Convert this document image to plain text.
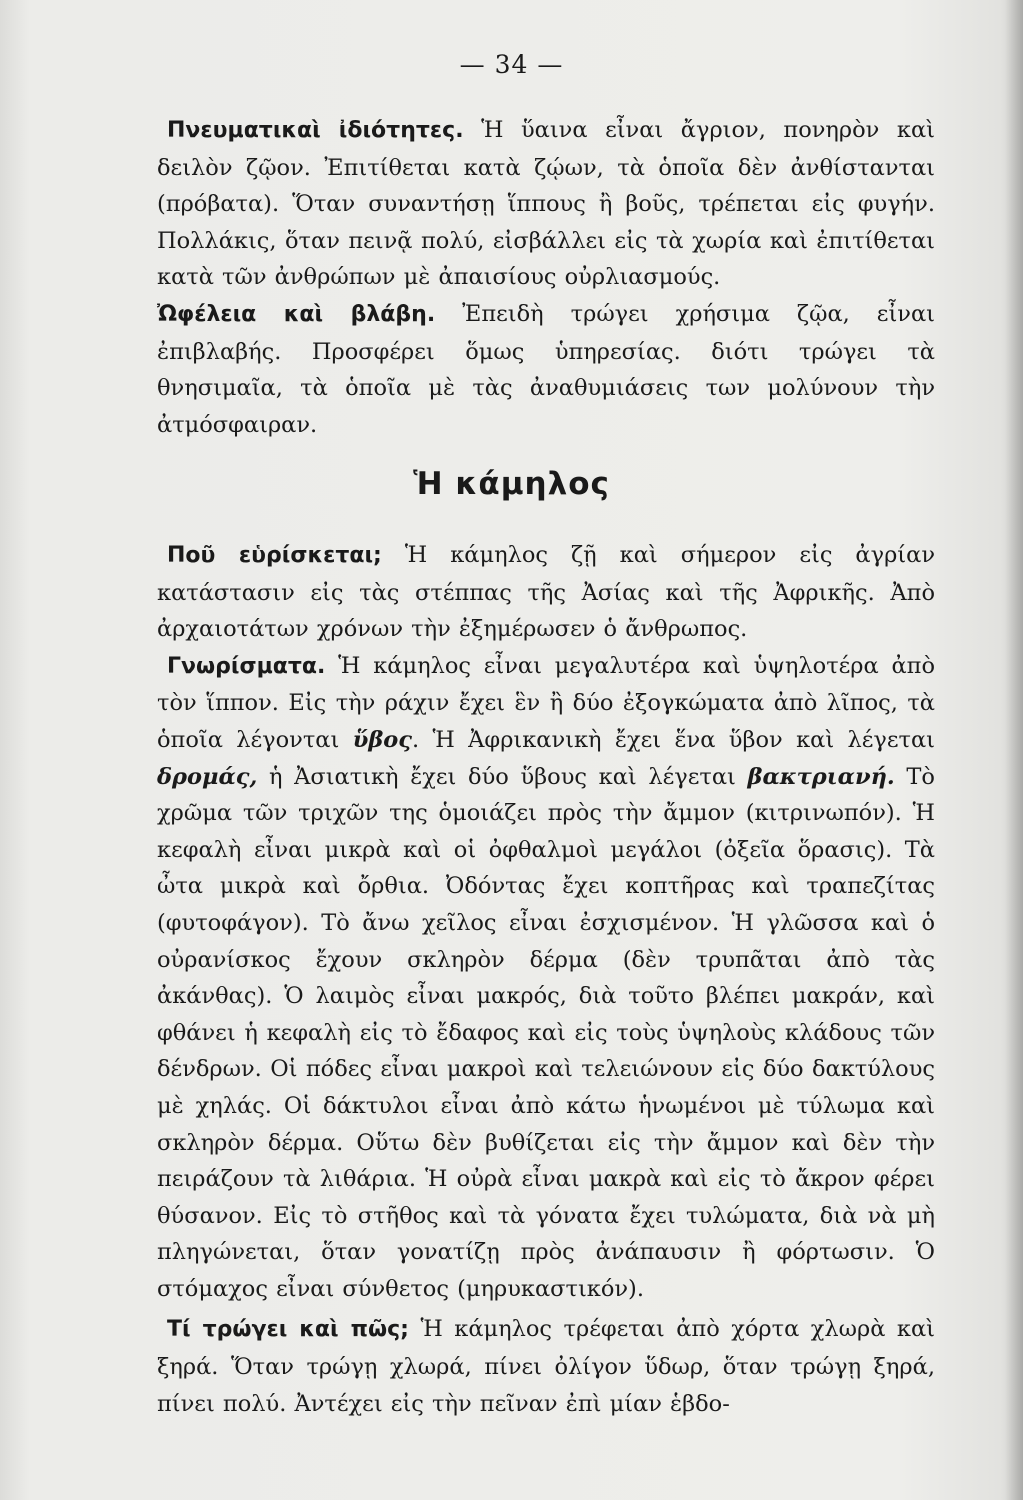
— 34 —

Πνευματικαὶ ἰδιότητες. Ἡ ὕαινα εἶναι ἄγριον, πονηρὸν καὶ δειλὸν ζῷον. Ἐπιτίθεται κατὰ ζῴων, τὰ ὁποῖα δὲν ἀνθίστανται (πρόβατα). Ὅταν συναντήσῃ ἵππους ἢ βοῦς, τρέπεται εἰς φυγήν. Πολλάκις, ὅταν πεινᾷ πολύ, εἰσβάλλει εἰς τὰ χωρία καὶ ἐπιτίθεται κατὰ τῶν ἀνθρώπων μὲ ἀπαισίους οὐρλιασμούς.

Ὠφέλεια καὶ βλάβη. Ἐπειδὴ τρώγει χρήσιμα ζῷα, εἶναι ἐπιβλαβής. Προσφέρει ὅμως ὑπηρεσίας. διότι τρώγει τὰ θνησιμαῖα, τὰ ὁποῖα μὲ τὰς ἀναθυμιάσεις των μολύνουν τὴν ἀτμόσφαιραν.

Ἡ κάμηλος

Ποῦ εὑρίσκεται; Ἡ κάμηλος ζῇ καὶ σήμερον εἰς ἀγρίαν κατάστασιν εἰς τὰς στέππας τῆς Ἀσίας καὶ τῆς Ἀφρικῆς. Ἀπὸ ἀρχαιοτάτων χρόνων τὴν ἐξημέρωσεν ὁ ἄνθρωπος.

Γνωρίσματα. Ἡ κάμηλος εἶναι μεγαλυτέρα καὶ ὑψηλοτέρα ἀπὸ τὸν ἵππον. Εἰς τὴν ράχιν ἔχει ἓν ἢ δύο ἐξογκώματα ἀπὸ λῖπος, τὰ ὁποῖα λέγονται ὕβος. Ἡ Ἀφρικανικὴ ἔχει ἕνα ὕβον καὶ λέγεται δρομάς, ἡ Ἀσιατικὴ ἔχει δύο ὕβους καὶ λέγεται βακτριανή. Τὸ χρῶμα τῶν τριχῶν της ὁμοιάζει πρὸς τὴν ἄμμον (κιτρινωπόν). Ἡ κεφαλὴ εἶναι μικρὰ καὶ οἱ ὀφθαλμοὶ μεγάλοι (ὀξεῖα ὅρασις). Τὰ ὦτα μικρὰ καὶ ὄρθια. Ὀδόντας ἔχει κοπτῆρας καὶ τραπεζίτας (φυτοφάγον). Τὸ ἄνω χεῖλος εἶναι ἐσχισμένον. Ἡ γλῶσσα καὶ ὁ οὐρανίσκος ἔχουν σκληρὸν δέρμα (δὲν τρυπᾶται ἀπὸ τὰς ἀκάνθας). Ὁ λαιμὸς εἶναι μακρός, διὰ τοῦτο βλέπει μακράν, καὶ φθάνει ἡ κεφαλὴ εἰς τὸ ἔδαφος καὶ εἰς τοὺς ὑψηλοὺς κλάδους τῶν δένδρων. Οἱ πόδες εἶναι μακροὶ καὶ τελειώνουν εἰς δύο δακτύλους μὲ χηλάς. Οἱ δάκτυλοι εἶναι ἀπὸ κάτω ἡνωμένοι μὲ τύλωμα καὶ σκληρὸν δέρμα. Οὕτω δὲν βυθίζεται εἰς τὴν ἄμμον καὶ δὲν τὴν πειράζουν τὰ λιθάρια. Ἡ οὐρὰ εἶναι μακρὰ καὶ εἰς τὸ ἄκρον φέρει θύσανον. Εἰς τὸ στῆθος καὶ τὰ γόνατα ἔχει τυλώματα, διὰ νὰ μὴ πληγώνεται, ὅταν γονατίζῃ πρὸς ἀνάπαυσιν ἢ φόρτωσιν. Ὁ στόμαχος εἶναι σύνθετος (μηρυκαστικόν).

Τί τρώγει καὶ πῶς; Ἡ κάμηλος τρέφεται ἀπὸ χόρτα χλωρὰ καὶ ξηρά. Ὅταν τρώγῃ χλωρά, πίνει ὀλίγον ὕδωρ, ὅταν τρώγῃ ξηρά, πίνει πολύ. Ἀντέχει εἰς τὴν πεῖναν ἐπὶ μίαν ἑβδο-
